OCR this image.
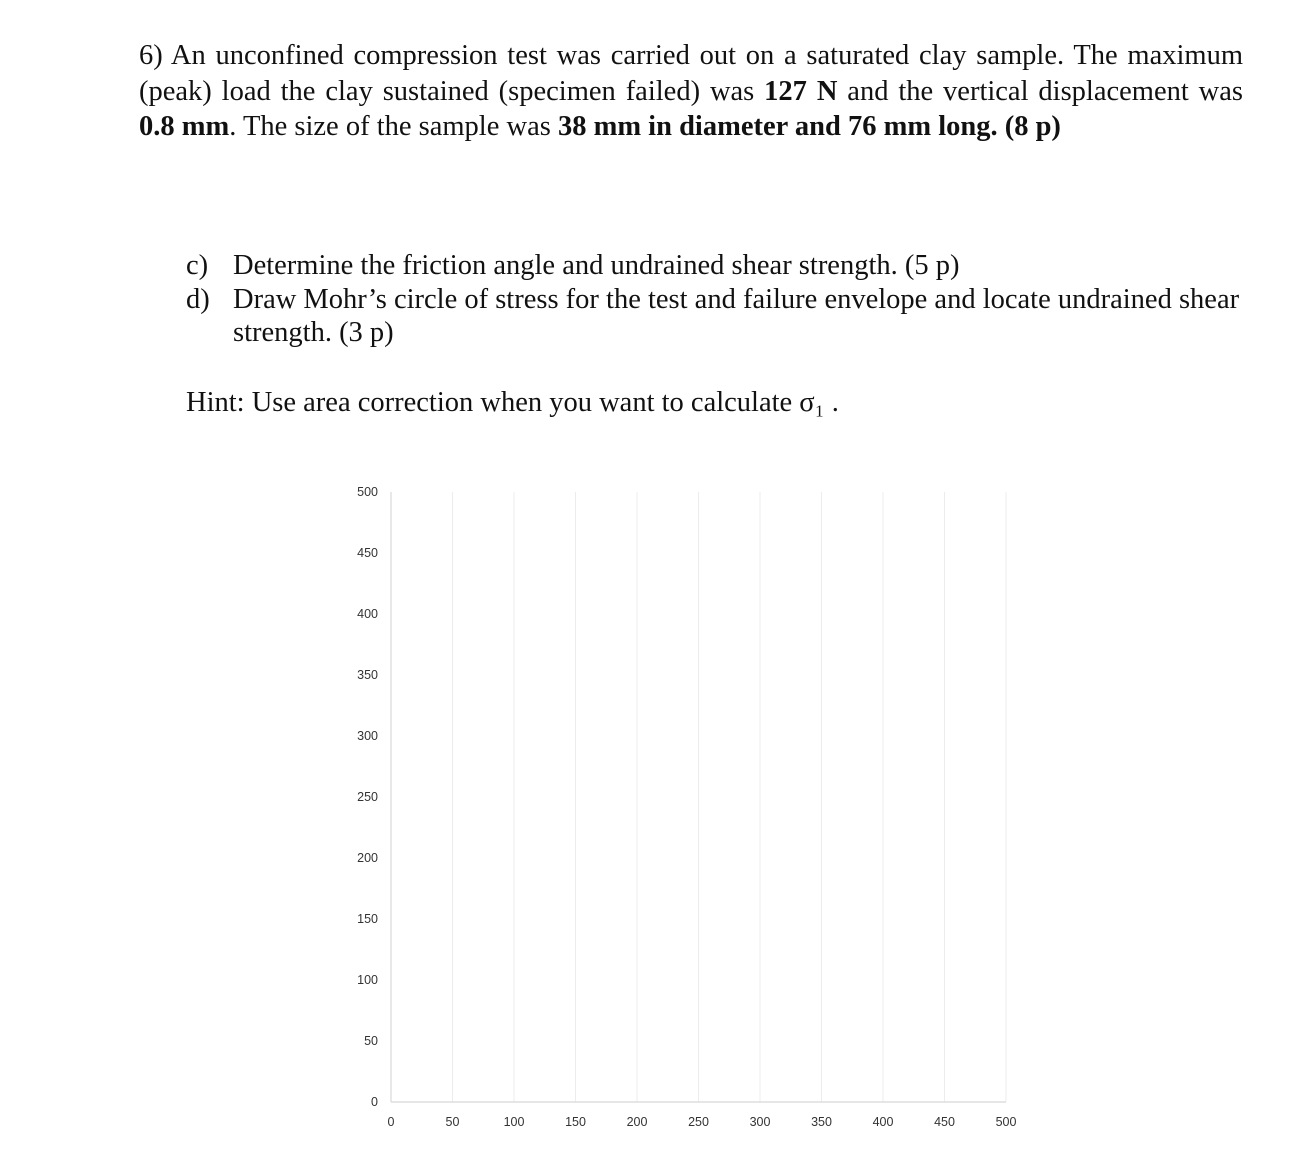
6) An unconfined compression test was carried out on a saturated clay sample. The maximum (peak) load the clay sustained (specimen failed) was 127 N and the vertical displacement was 0.8 mm. The size of the sample was 38 mm in diameter and 76 mm long. (8 p)
c) Determine the friction angle and undrained shear strength. (5 p)
d) Draw Mohr’s circle of stress for the test and failure envelope and locate undrained shear strength. (3 p)
Hint: Use area correction when you want to calculate σ₁ .
0
50
100
150
200
250
300
350
400
450
500
0	50	100	150	200	250	300	350	400	450	500
